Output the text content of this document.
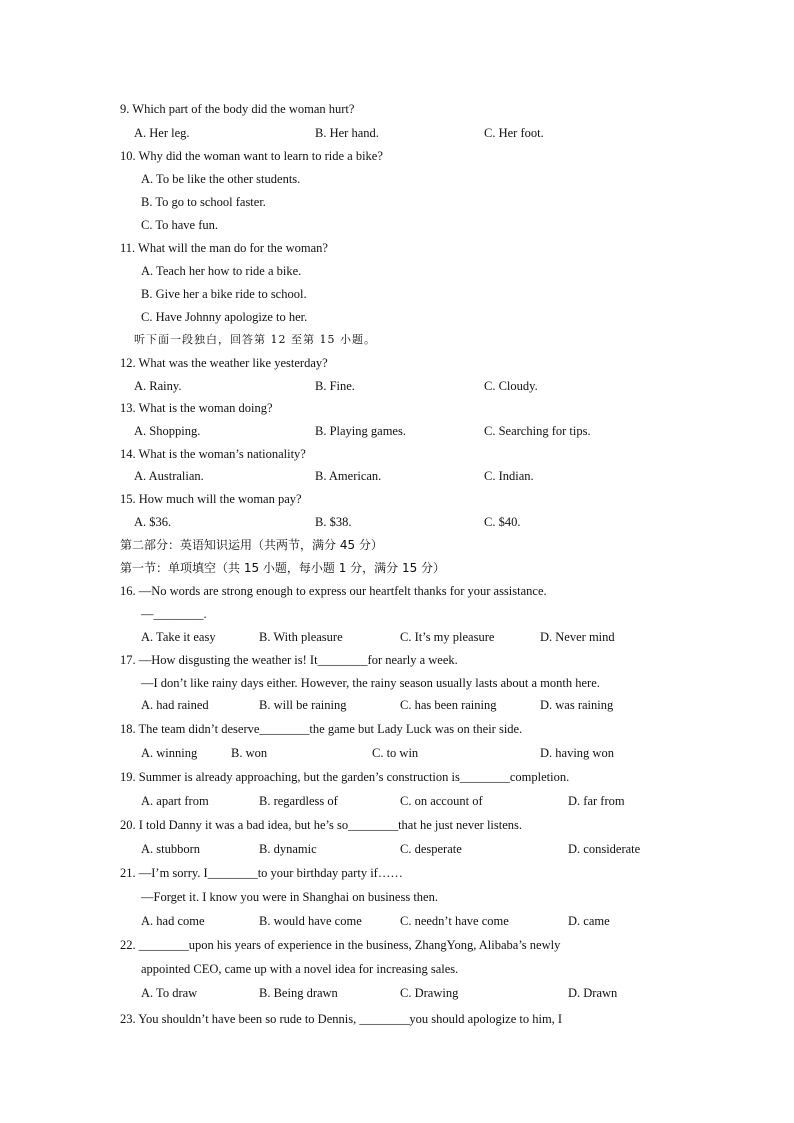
9. Which part of the body did the woman hurt?
A. Her leg.	B. Her hand.	C. Her foot.
10. Why did the woman want to learn to ride a bike?
A. To be like the other students.
B. To go to school faster.
C. To have fun.
11. What will the man do for the woman?
A. Teach her how to ride a bike.
B. Give her a bike ride to school.
C. Have Johnny apologize to her.
听下面一段独白，回答第 12 至第 15 小题。
12. What was the weather like yesterday?
A. Rainy.	B. Fine.	C. Cloudy.
13. What is the woman doing?
A. Shopping.	B. Playing games.	C. Searching for tips.
14. What is the woman’s nationality?
A. Australian.	B. American.	C. Indian.
15. How much will the woman pay?
A. $36.	B. $38.	C. $40.
第二部分：英语知识运用（共两节，满分 45 分）
第一节：单项填空（共 15 小题，每小题 1 分，满分 15 分）
16. —No words are strong enough to express our heartfelt thanks for your assistance.
—________.
A. Take it easy	B. With pleasure	C. It’s my pleasure	D. Never mind
17. —How disgusting the weather is! It________for nearly a week.
—I don’t like rainy days either. However, the rainy season usually lasts about a month here.
A. had rained	B. will be raining	C. has been raining	D. was raining
18. The team didn’t deserve________the game but Lady Luck was on their side.
A. winning	B. won	C. to win	D. having won
19. Summer is already approaching, but the garden’s construction is________completion.
A. apart from	B. regardless of	C. on account of	D. far from
20. I told Danny it was a bad idea, but he’s so________that he just never listens.
A. stubborn	B. dynamic	C. desperate	D. considerate
21. —I’m sorry. I________to your birthday party if……
—Forget it. I know you were in Shanghai on business then.
A. had come	B. would have come	C. needn’t have come	D. came
22. ________upon his years of experience in the business, ZhangYong, Alibaba’s newly
appointed CEO, came up with a novel idea for increasing sales.
A. To draw	B. Being drawn	C. Drawing	D. Drawn
23. You shouldn’t have been so rude to Dennis, ________you should apologize to him, I
